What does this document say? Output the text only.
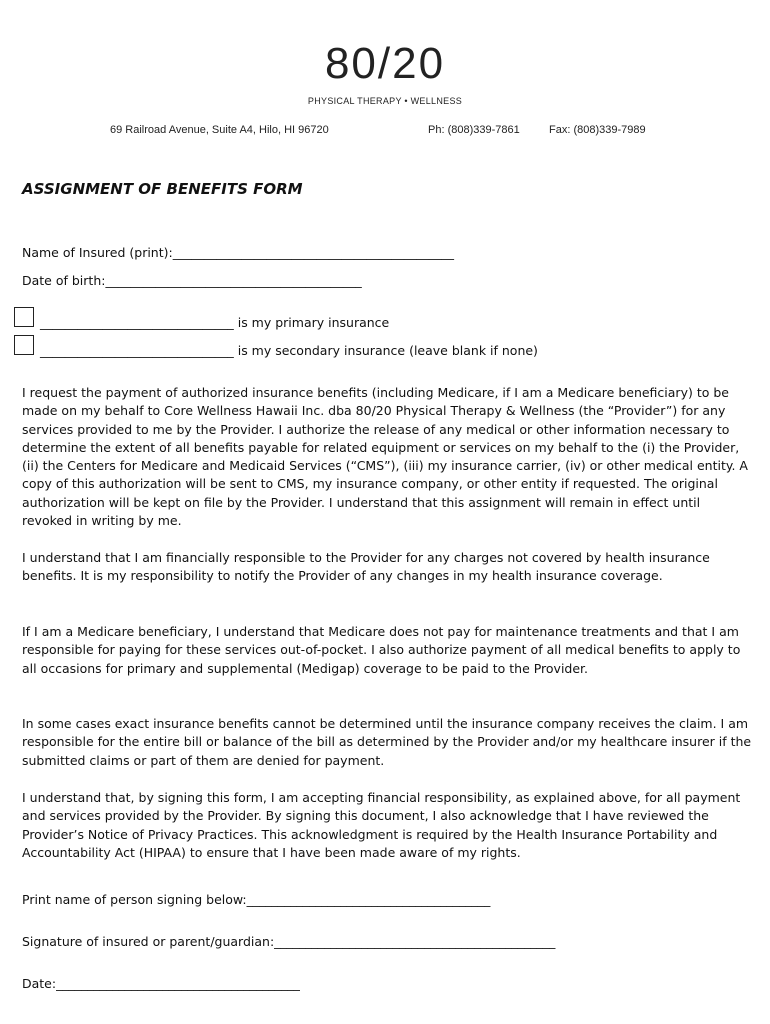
80/20
PHYSICAL THERAPY • WELLNESS
69 Railroad Avenue, Suite A4, Hilo, HI 96720	Ph: (808)339-7861	Fax: (808)339-7989
ASSIGNMENT OF BENEFITS FORM
Name of Insured (print):_____________________________________________
Date of birth:_________________________________________
_______________________________ is my primary insurance
_______________________________ is my secondary insurance (leave blank if none)

I request the payment of authorized insurance benefits (including Medicare, if I am a Medicare beneficiary) to be made on my behalf to Core Wellness Hawaii Inc. dba 80/20 Physical Therapy & Wellness (the “Provider”) for any services provided to me by the Provider. I authorize the release of any medical or other information necessary to determine the extent of all benefits payable for related equipment or services on my behalf to the (i) the Provider, (ii) the Centers for Medicare and Medicaid Services (“CMS”), (iii) my insurance carrier, (iv) or other medical entity. A copy of this authorization will be sent to CMS, my insurance company, or other entity if requested. The original authorization will be kept on file by the Provider. I understand that this assignment will remain in effect until revoked in writing by me.

I understand that I am financially responsible to the Provider for any charges not covered by health insurance benefits. It is my responsibility to notify the Provider of any changes in my health insurance coverage.

If I am a Medicare beneficiary, I understand that Medicare does not pay for maintenance treatments and that I am responsible for paying for these services out-of-pocket. I also authorize payment of all medical benefits to apply to all occasions for primary and supplemental (Medigap) coverage to be paid to the Provider.

In some cases exact insurance benefits cannot be determined until the insurance company receives the claim. I am responsible for the entire bill or balance of the bill as determined by the Provider and/or my healthcare insurer if the submitted claims or part of them are denied for payment.

I understand that, by signing this form, I am accepting financial responsibility, as explained above, for all payment and services provided by the Provider. By signing this document, I also acknowledge that I have reviewed the Provider’s Notice of Privacy Practices. This acknowledgment is required by the Health Insurance Portability and Accountability Act (HIPAA) to ensure that I have been made aware of my rights.

Print name of person signing below:_______________________________________
Signature of insured or parent/guardian:_____________________________________________
Date:_______________________________________
